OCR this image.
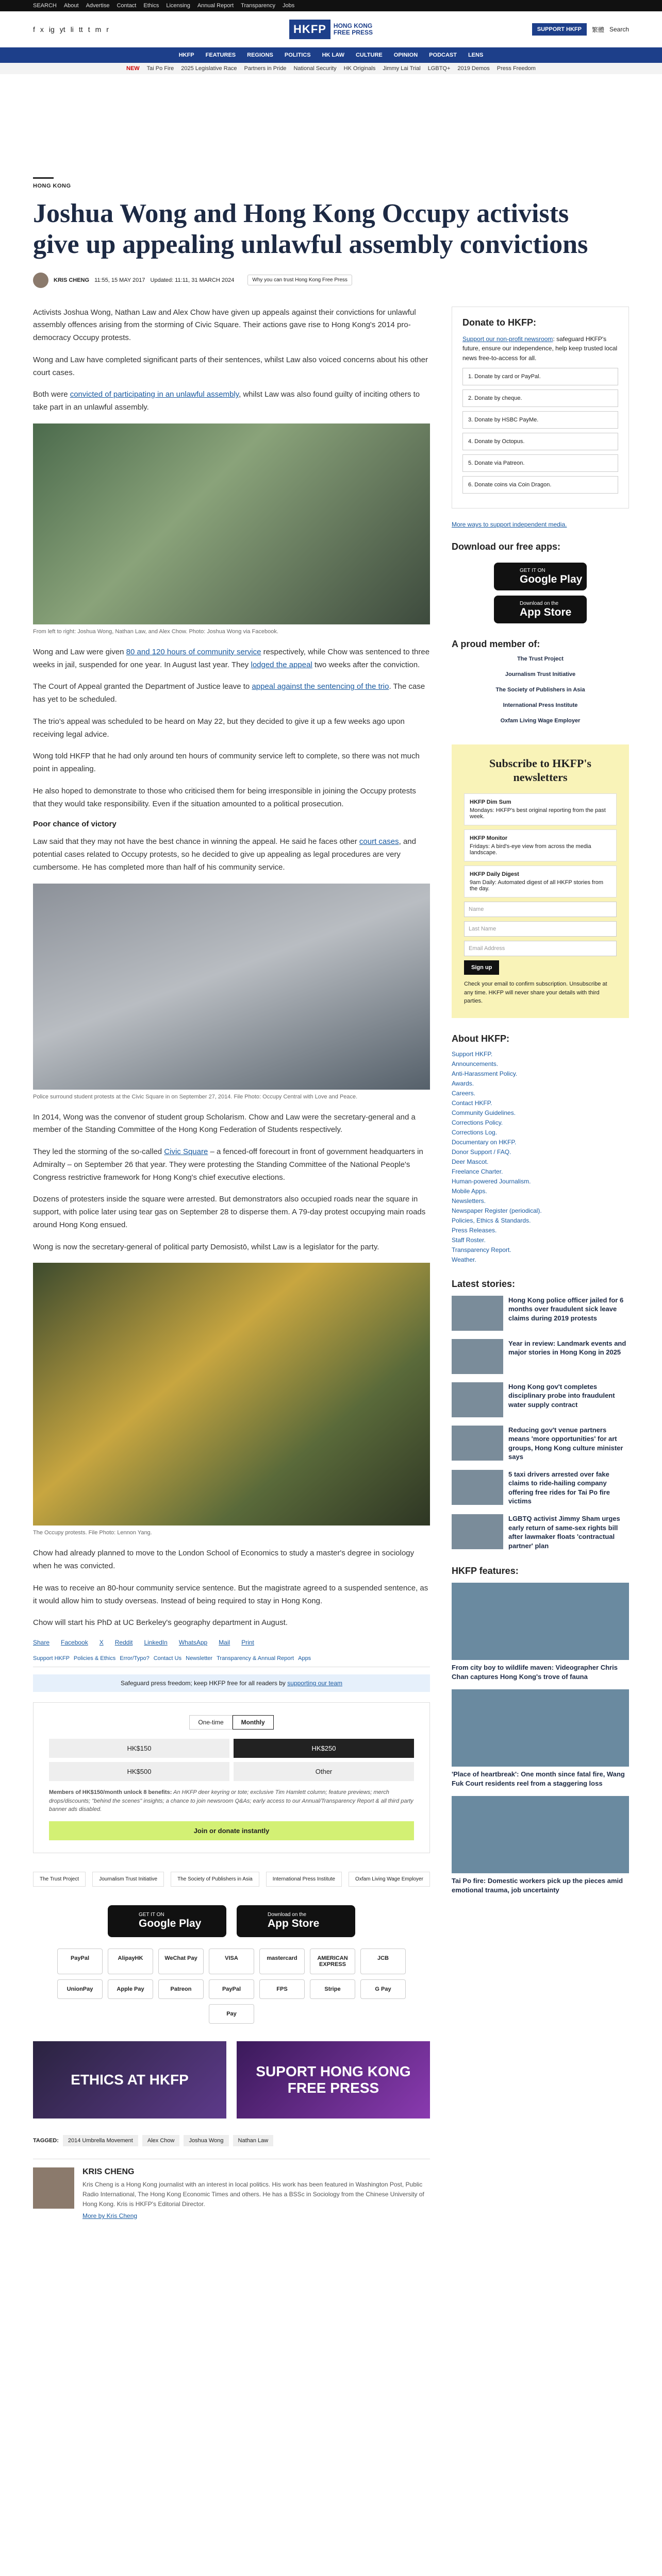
SEARCH About Advertise Contact Ethics Licensing Annual Report Transparency Jobs
f x ig yt li tt t m r	HKFP	HONG KONG
FREE PRESS	SUPPORT HKFP	繁體 Search
HKFP FEATURES REGIONS POLITICS HK LAW CULTURE OPINION PODCAST LENS
NEW Tai Po Fire 2025 Legislative Race Partners in Pride National Security HK Originals Jimmy Lai Trial LGBTQ+ 2019 Demos Press Freedom
HONG KONG
Joshua Wong and Hong Kong Occupy activists give up appealing unlawful assembly convictions
KRIS CHENG 11:55, 15 MAY 2017 Updated: 11:11, 31 MARCH 2024	Why you can trust Hong Kong Free Press

Activists Joshua Wong, Nathan Law and Alex Chow have given up appeals against their convictions for unlawful assembly offences arising from the storming of Civic Square. Their actions gave rise to Hong Kong's 2014 pro-democracy Occupy protests.

Wong and Law have completed significant parts of their sentences, whilst Law also voiced concerns about his other court cases.

Both were convicted of participating in an unlawful assembly, whilst Law was also found guilty of inciting others to take part in an unlawful assembly.

From left to right: Joshua Wong, Nathan Law, and Alex Chow. Photo: Joshua Wong via Facebook.

Wong and Law were given 80 and 120 hours of community service respectively, while Chow was sentenced to three weeks in jail, suspended for one year. In August last year. They lodged the appeal two weeks after the conviction.

The Court of Appeal granted the Department of Justice leave to appeal against the sentencing of the trio. The case has yet to be scheduled.

The trio's appeal was scheduled to be heard on May 22, but they decided to give it up a few weeks ago upon receiving legal advice.

Wong told HKFP that he had only around ten hours of community service left to complete, so there was not much point in appealing.

He also hoped to demonstrate to those who criticised them for being irresponsible in joining the Occupy protests that they would take responsibility. Even if the situation amounted to a political prosecution.

Poor chance of victory

Law said that they may not have the best chance in winning the appeal. He said he faces other court cases, and potential cases related to Occupy protests, so he decided to give up appealing as legal procedures are very cumbersome. He has completed more than half of his community service.

Police surround student protests at the Civic Square in on September 27, 2014. File Photo: Occupy Central with Love and Peace.

In 2014, Wong was the convenor of student group Scholarism. Chow and Law were the secretary-general and a member of the Standing Committee of the Hong Kong Federation of Students respectively.

They led the storming of the so-called Civic Square – a fenced-off forecourt in front of government headquarters in Admiralty – on September 26 that year. They were protesting the Standing Committee of the National People's Congress restrictive framework for Hong Kong's chief executive elections.

Dozens of protesters inside the square were arrested. But demonstrators also occupied roads near the square in support, with police later using tear gas on September 28 to disperse them. A 79-day protest occupying main roads around Hong Kong ensued.

Wong is now the secretary-general of political party Demosistō, whilst Law is a legislator for the party.

The Occupy protests. File Photo: Lennon Yang.

Chow had already planned to move to the London School of Economics to study a master's degree in sociology when he was convicted.

He was to receive an 80-hour community service sentence. But the magistrate agreed to a suspended sentence, as it would allow him to study overseas. Instead of being required to stay in Hong Kong.

Chow will start his PhD at UC Berkeley's geography department in August.

Share Facebook X Reddit LinkedIn WhatsApp Mail Print
Support HKFP Policies & Ethics Error/Typo? Contact Us Newsletter Transparency & Annual Report Apps
Safeguard press freedom; keep HKFP free for all readers by supporting our team
One-time	Monthly
HK$150	HK$250
HK$500	Other
Members of HK$150/month unlock 8 benefits: An HKFP deer keyring or tote; exclusive Tim Hamlett column; feature previews; merch drops/discounts; "behind the scenes" insights; a chance to join newsroom Q&As; early access to our Annual/Transparency Report & all third party banner ads disabled.
Join or donate instantly
The Trust Project	Journalism Trust Initiative	The Society of Publishers in Asia	International Press Institute	Oxfam Living Wage Employer
GET IT ON
Google Play
Download on the
App Store
PayPal	AlipayHK	WeChat Pay	VISA	mastercard	AMERICAN EXPRESS
JCB
UnionPay	Apple Pay	Patreon	PayPal	FPS	Stripe	G Pay
Pay
ETHICS AT HKFP
SUPORT HONG KONG FREE PRESS
TAGGED:	2014 Umbrella Movement	Alex Chow	Joshua Wong	Nathan Law
KRIS CHENG
Kris Cheng is a Hong Kong journalist with an interest in local politics. His work has been featured in Washington Post, Public Radio International, The Hong Kong Economic Times and others. He has a BSSc in Sociology from the Chinese University of Hong Kong. Kris is HKFP's Editorial Director.
More by Kris Cheng
Donate to HKFP:

Support our non-profit newsroom: safeguard HKFP's future, ensure our independence, help keep trusted local news free-to-access for all.

1. Donate by card or PayPal.
2. Donate by cheque.
3. Donate by HSBC PayMe.
4. Donate by Octopus.
5. Donate via Patreon.
6. Donate coins via Coin Dragon.
More ways to support independent media.
Download our free apps:
GET IT ON
Google Play
Download on the
App Store
A proud member of:
The Trust Project
Journalism Trust Initiative
The Society of Publishers in Asia
International Press Institute
Oxfam Living Wage Employer
Subscribe to HKFP's newsletters
HKFP Dim Sum
Mondays: HKFP's best original reporting from the past week.
HKFP Monitor
Fridays: A bird's-eye view from across the media landscape.
HKFP Daily Digest
9am Daily: Automated digest of all HKFP stories from the day.
Name
Last Name
Email Address
Sign up

Check your email to confirm subscription. Unsubscribe at any time. HKFP will never share your details with third parties.

About HKFP:
Support HKFP.
Announcements.
Anti-Harassment Policy.
Awards.
Careers.
Contact HKFP.
Community Guidelines.
Corrections Policy.
Corrections Log.
Documentary on HKFP.
Donor Support / FAQ.
Deer Mascot.
Freelance Charter.
Human-powered Journalism.
Mobile Apps.
Newsletters.
Newspaper Register (periodical).
Policies, Ethics & Standards.
Press Releases.
Staff Roster.
Transparency Report.
Weather.
Latest stories:
Hong Kong police officer jailed for 6 months over fraudulent sick leave claims during 2019 protests
Year in review: Landmark events and major stories in Hong Kong in 2025
Hong Kong gov't completes disciplinary probe into fraudulent water supply contract
Reducing gov't venue partners means 'more opportunities' for art groups, Hong Kong culture minister says
5 taxi drivers arrested over fake claims to ride-hailing company offering free rides for Tai Po fire victims
LGBTQ activist Jimmy Sham urges early return of same-sex rights bill after lawmaker floats 'contractual partner' plan
HKFP features:
From city boy to wildlife maven: Videographer Chris Chan captures Hong Kong's trove of fauna
'Place of heartbreak': One month since fatal fire, Wang Fuk Court residents reel from a staggering loss
Tai Po fire: Domestic workers pick up the pieces amid emotional trauma, job uncertainty
